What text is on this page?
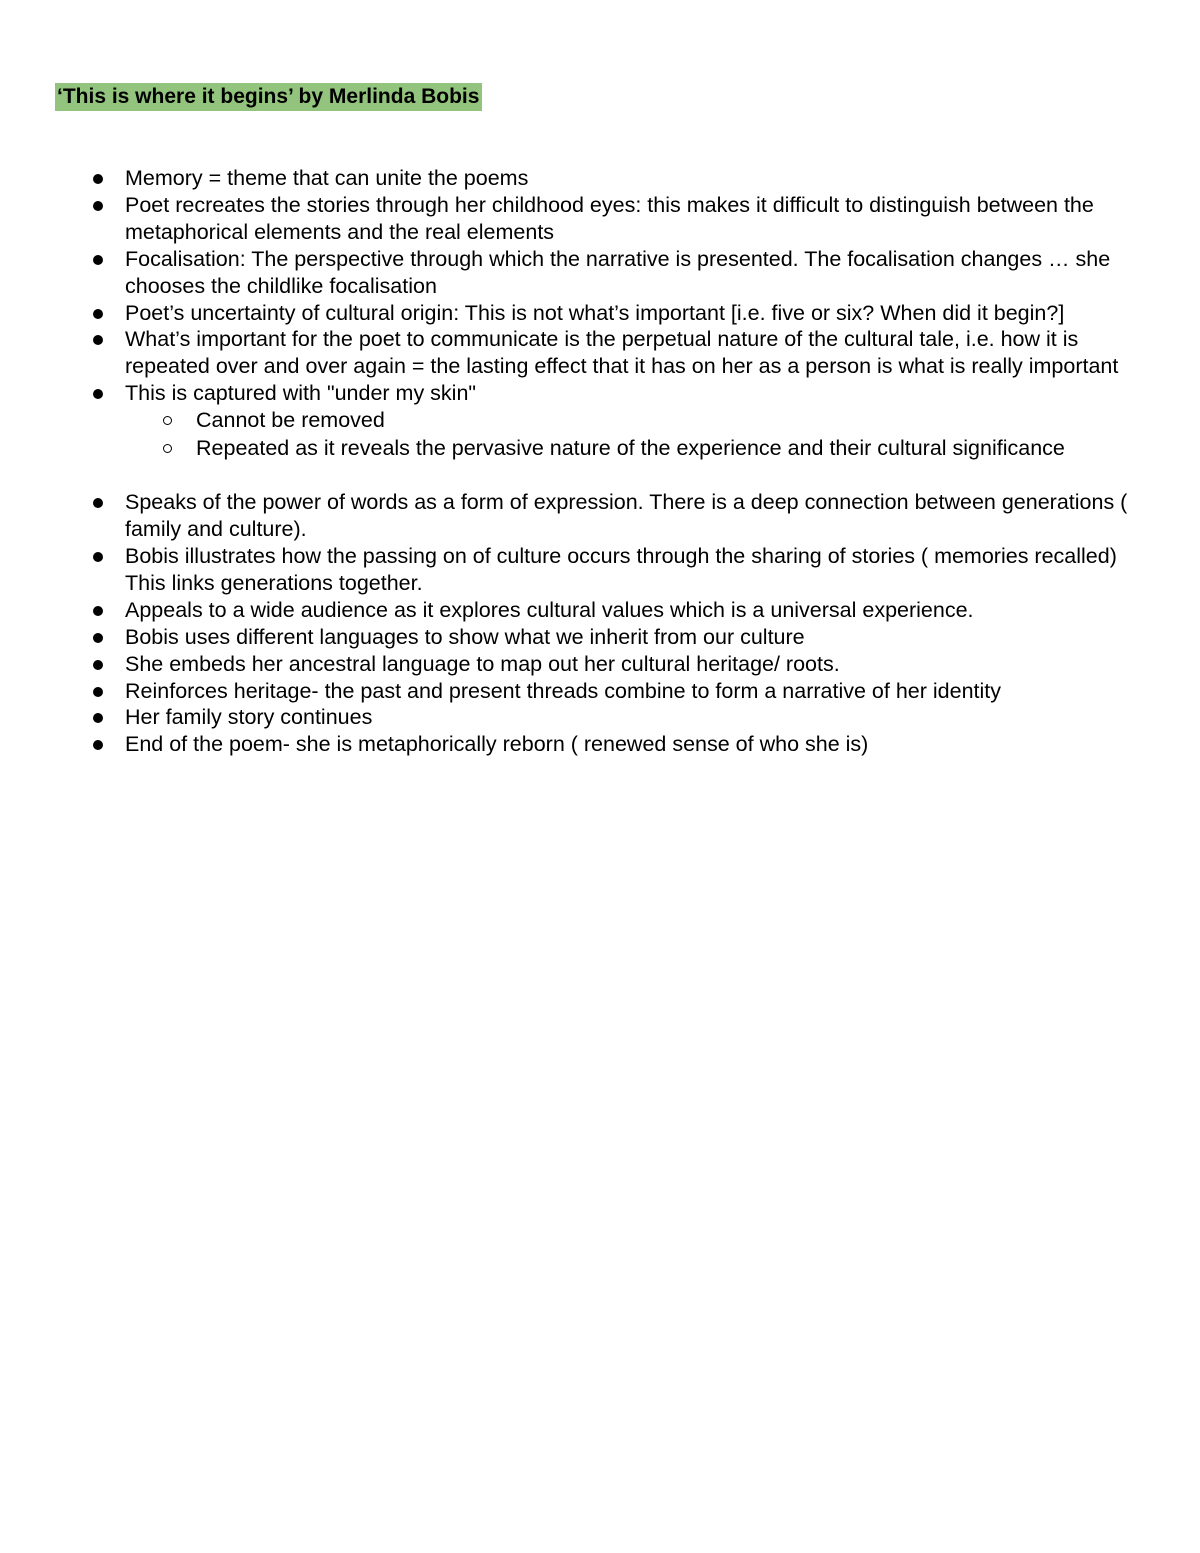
‘This is where it begins’ by Merlinda Bobis
Memory = theme that can unite the poems
Poet recreates the stories through her childhood eyes: this makes it difficult to distinguish between the metaphorical elements and the real elements
Focalisation: The perspective through which the narrative is presented. The focalisation changes … she chooses the childlike focalisation
Poet’s uncertainty of cultural origin: This is not what’s important [i.e. five or six? When did it begin?]
What’s important for the poet to communicate is the perpetual nature of the cultural tale, i.e. how it is repeated over and over again = the lasting effect that it has on her as a person is what is really important
This is captured with "under my skin"
Cannot be removed
Repeated as it reveals the pervasive nature of the experience and their cultural significance
Speaks of the power of words as a form of expression. There is a deep connection between generations ( family and culture).
Bobis illustrates how the passing on of culture occurs through the sharing of stories ( memories recalled) This links generations together.
Appeals to a wide audience as it explores cultural values which is a universal experience.
Bobis uses different languages to show what we inherit from our culture
She embeds her ancestral language to map out her cultural heritage/ roots.
Reinforces heritage- the past and present threads combine to form a narrative of her identity
Her family story continues
End of the poem- she is metaphorically reborn ( renewed sense of who she is)
